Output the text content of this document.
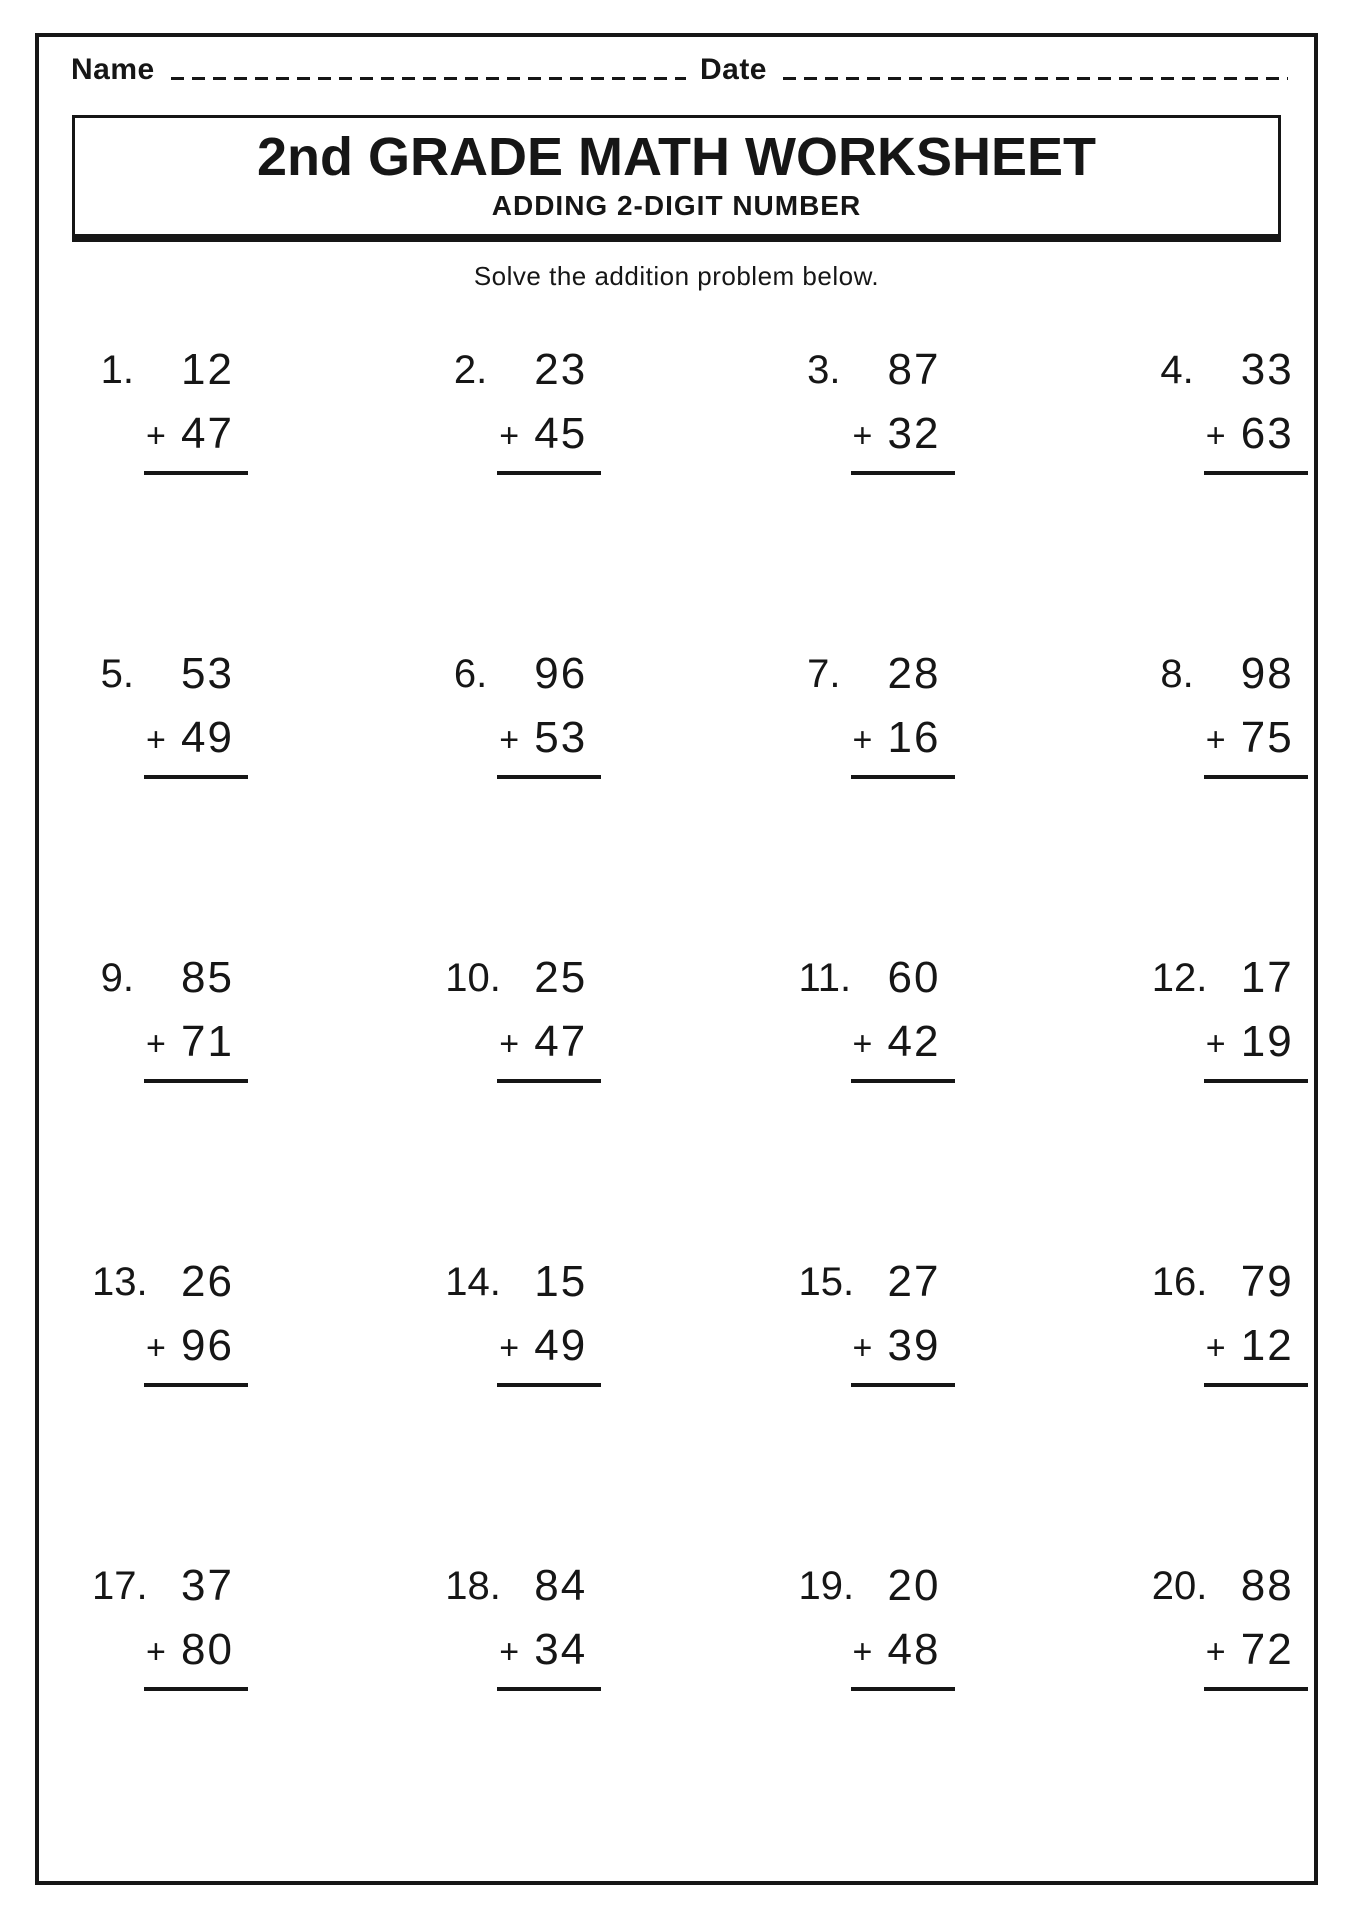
Name	Date
2nd GRADE MATH WORKSHEET
ADDING 2-DIGIT NUMBER
Solve the addition problem below.
1.	12
+ 47
2.	23
+ 45
3.	87
+ 32
4.	33
+ 63
5.	53
+ 49
6.	96
+ 53
7.	28
+ 16
8.	98
+ 75
9.	85
+ 71
10. 25
+ 47
11. 60
+ 42
12. 17
+ 19
13. 26
+ 96
14. 15
+ 49
15. 27
+ 39
16. 79
+ 12
17. 37
+ 80
18. 84
+ 34
19. 20
+ 48
20. 88
+ 72
